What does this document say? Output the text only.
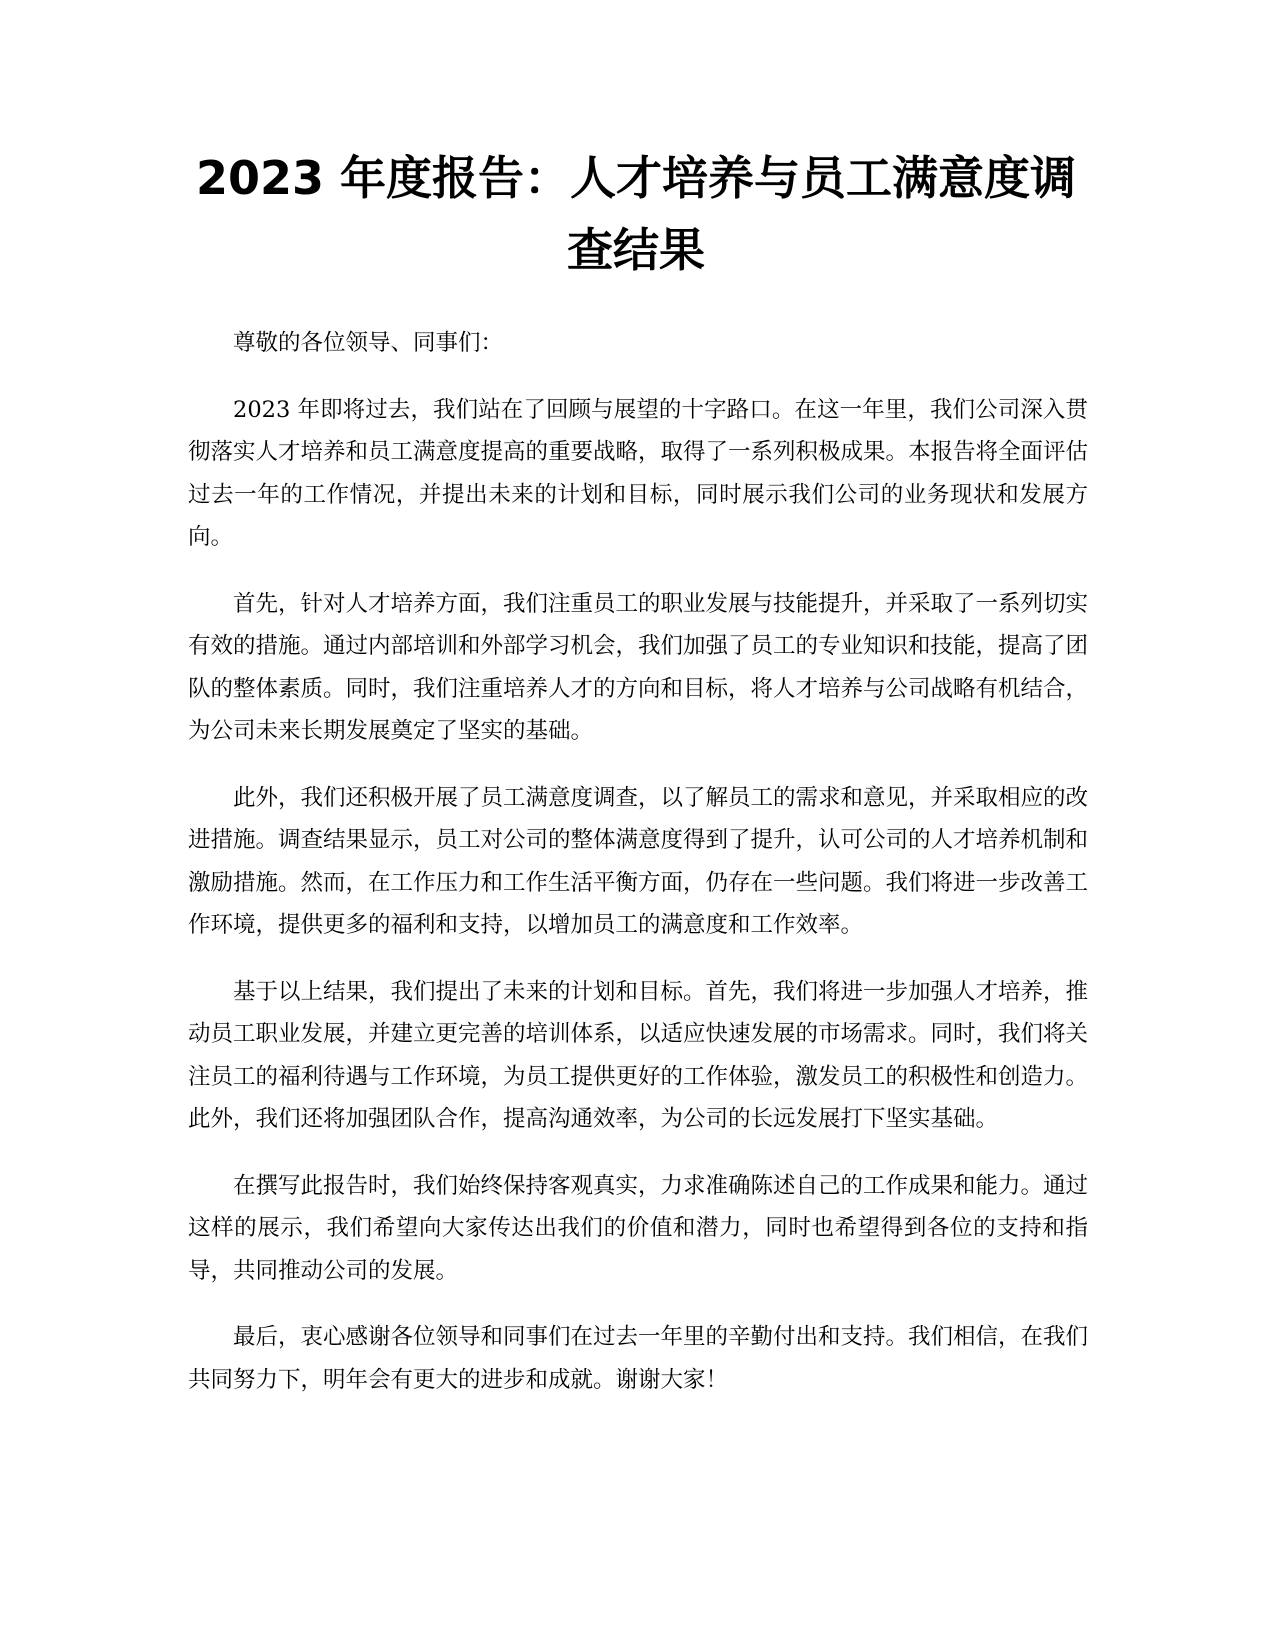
2023 年度报告：人才培养与员工满意度调查结果

尊敬的各位领导、同事们：

2023 年即将过去，我们站在了回顾与展望的十字路口。在这一年里，我们公司深入贯彻落实人才培养和员工满意度提高的重要战略，取得了一系列积极成果。本报告将全面评估过去一年的工作情况，并提出未来的计划和目标，同时展示我们公司的业务现状和发展方向。

首先，针对人才培养方面，我们注重员工的职业发展与技能提升，并采取了一系列切实有效的措施。通过内部培训和外部学习机会，我们加强了员工的专业知识和技能，提高了团队的整体素质。同时，我们注重培养人才的方向和目标，将人才培养与公司战略有机结合，为公司未来长期发展奠定了坚实的基础。

此外，我们还积极开展了员工满意度调查，以了解员工的需求和意见，并采取相应的改进措施。调查结果显示，员工对公司的整体满意度得到了提升，认可公司的人才培养机制和激励措施。然而，在工作压力和工作生活平衡方面，仍存在一些问题。我们将进一步改善工作环境，提供更多的福利和支持，以增加员工的满意度和工作效率。

基于以上结果，我们提出了未来的计划和目标。首先，我们将进一步加强人才培养，推动员工职业发展，并建立更完善的培训体系，以适应快速发展的市场需求。同时，我们将关注员工的福利待遇与工作环境，为员工提供更好的工作体验，激发员工的积极性和创造力。此外，我们还将加强团队合作，提高沟通效率，为公司的长远发展打下坚实基础。

在撰写此报告时，我们始终保持客观真实，力求准确陈述自己的工作成果和能力。通过这样的展示，我们希望向大家传达出我们的价值和潜力，同时也希望得到各位的支持和指导，共同推动公司的发展。

最后，衷心感谢各位领导和同事们在过去一年里的辛勤付出和支持。我们相信，在我们共同努力下，明年会有更大的进步和成就。谢谢大家！
